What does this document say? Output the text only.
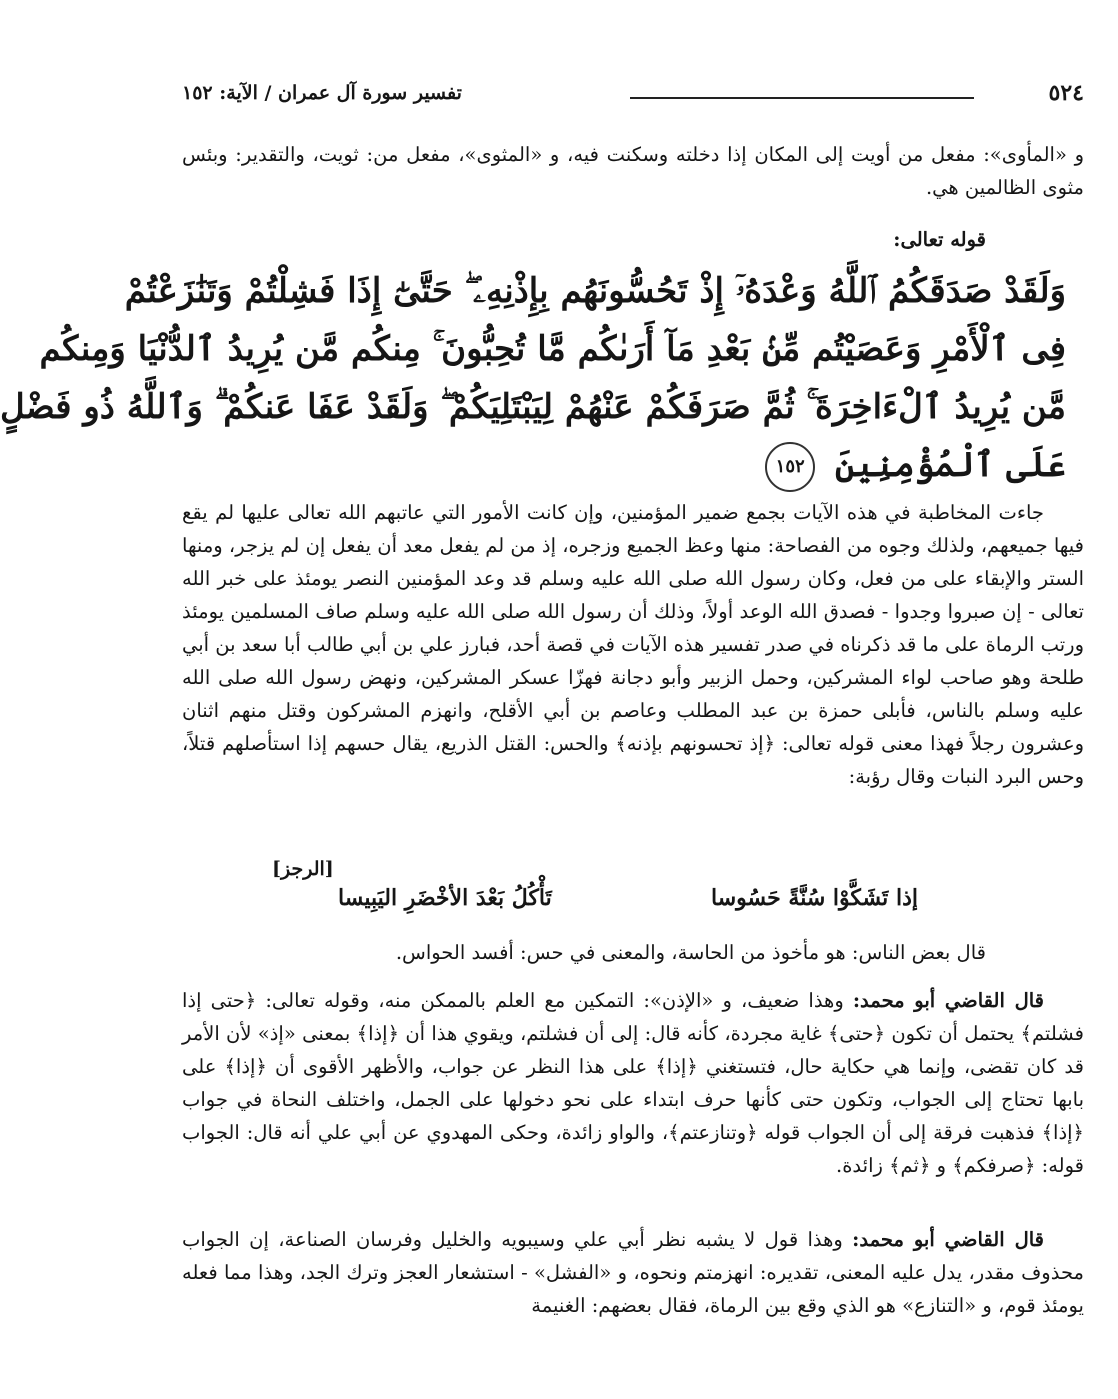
٥٢٤
تفسير سورة آل عمران / الآية: ١٥٢

و «المأوى»: مفعل من أويت إلى المكان إذا دخلته وسكنت فيه، و «المثوى»، مفعل من: ثويت، والتقدير: وبئس مثوى الظالمين هي.

قوله تعالى:
وَلَقَدْ صَدَقَكُمُ ٱللَّهُ وَعْدَهُۥٓ إِذْ تَحُسُّونَهُم بِإِذْنِهِۦ ۖ حَتَّىٰٓ إِذَا فَشِلْتُمْ وَتَنَٰزَعْتُمْ
فِى ٱلْأَمْرِ وَعَصَيْتُم مِّنۢ بَعْدِ مَآ أَرَىٰكُم مَّا تُحِبُّونَ ۚ مِنكُم مَّن يُرِيدُ ٱلدُّنْيَا وَمِنكُم
مَّن يُرِيدُ ٱلْءَاخِرَةَ ۚ ثُمَّ صَرَفَكُمْ عَنْهُمْ لِيَبْتَلِيَكُمْ ۖ وَلَقَدْ عَفَا عَنكُمْ ۗ وَٱللَّهُ ذُو فَضْلٍ
عَلَى ٱلْمُؤْمِنِينَ ١٥٢

جاءت المخاطبة في هذه الآيات بجمع ضمير المؤمنين، وإن كانت الأمور التي عاتبهم الله تعالى عليها لم يقع فيها جميعهم، ولذلك وجوه من الفصاحة: منها وعظ الجميع وزجره، إذ من لم يفعل معد أن يفعل إن لم يزجر، ومنها الستر والإبقاء على من فعل، وكان رسول الله صلى الله عليه وسلم قد وعد المؤمنين النصر يومئذ على خبر الله تعالى - إن صبروا وجدوا - فصدق الله الوعد أولاً، وذلك أن رسول الله صلى الله عليه وسلم صاف المسلمين يومئذ ورتب الرماة على ما قد ذكرناه في صدر تفسير هذه الآيات في قصة أحد، فبارز علي بن أبي طالب أبا سعد بن أبي طلحة وهو صاحب لواء المشركين، وحمل الزبير وأبو دجانة فهزّا عسكر المشركين، ونهض رسول الله صلى الله عليه وسلم بالناس، فأبلى حمزة بن عبد المطلب وعاصم بن أبي الأقلح، وانهزم المشركون وقتل منهم اثنان وعشرون رجلاً فهذا معنى قوله تعالى: ﴿إذ تحسونهم بإذنه﴾ والحس: القتل الذريع، يقال حسهم إذا استأصلهم قتلاً، وحس البرد النبات وقال رؤبة:

[الرجز]
إذا تَشَكَّوْا سُنَّةً حَسُوسا
تَأْكُلُ بَعْدَ الأخْضَرِ اليَبِيسا

قال بعض الناس: هو مأخوذ من الحاسة، والمعنى في حس: أفسد الحواس.

قال القاضي أبو محمد: وهذا ضعيف، و «الإذن»: التمكين مع العلم بالممكن منه، وقوله تعالى: ﴿حتى إذا فشلتم﴾ يحتمل أن تكون ﴿حتى﴾ غاية مجردة، كأنه قال: إلى أن فشلتم، ويقوي هذا أن ﴿إذا﴾ بمعنى «إذ» لأن الأمر قد كان تقضى، وإنما هي حكاية حال، فتستغني ﴿إذا﴾ على هذا النظر عن جواب، والأظهر الأقوى أن ﴿إذا﴾ على بابها تحتاج إلى الجواب، وتكون حتى كأنها حرف ابتداء على نحو دخولها على الجمل، واختلف النحاة في جواب ﴿إذا﴾ فذهبت فرقة إلى أن الجواب قوله ﴿وتنازعتم﴾، والواو زائدة، وحكى المهدوي عن أبي علي أنه قال: الجواب قوله: ﴿صرفكم﴾ و ﴿ثم﴾ زائدة.

قال القاضي أبو محمد: وهذا قول لا يشبه نظر أبي علي وسيبويه والخليل وفرسان الصناعة، إن الجواب محذوف مقدر، يدل عليه المعنى، تقديره: انهزمتم ونحوه، و «الفشل» - استشعار العجز وترك الجد، وهذا مما فعله يومئذ قوم، و «التنازع» هو الذي وقع بين الرماة، فقال بعضهم: الغنيمة
